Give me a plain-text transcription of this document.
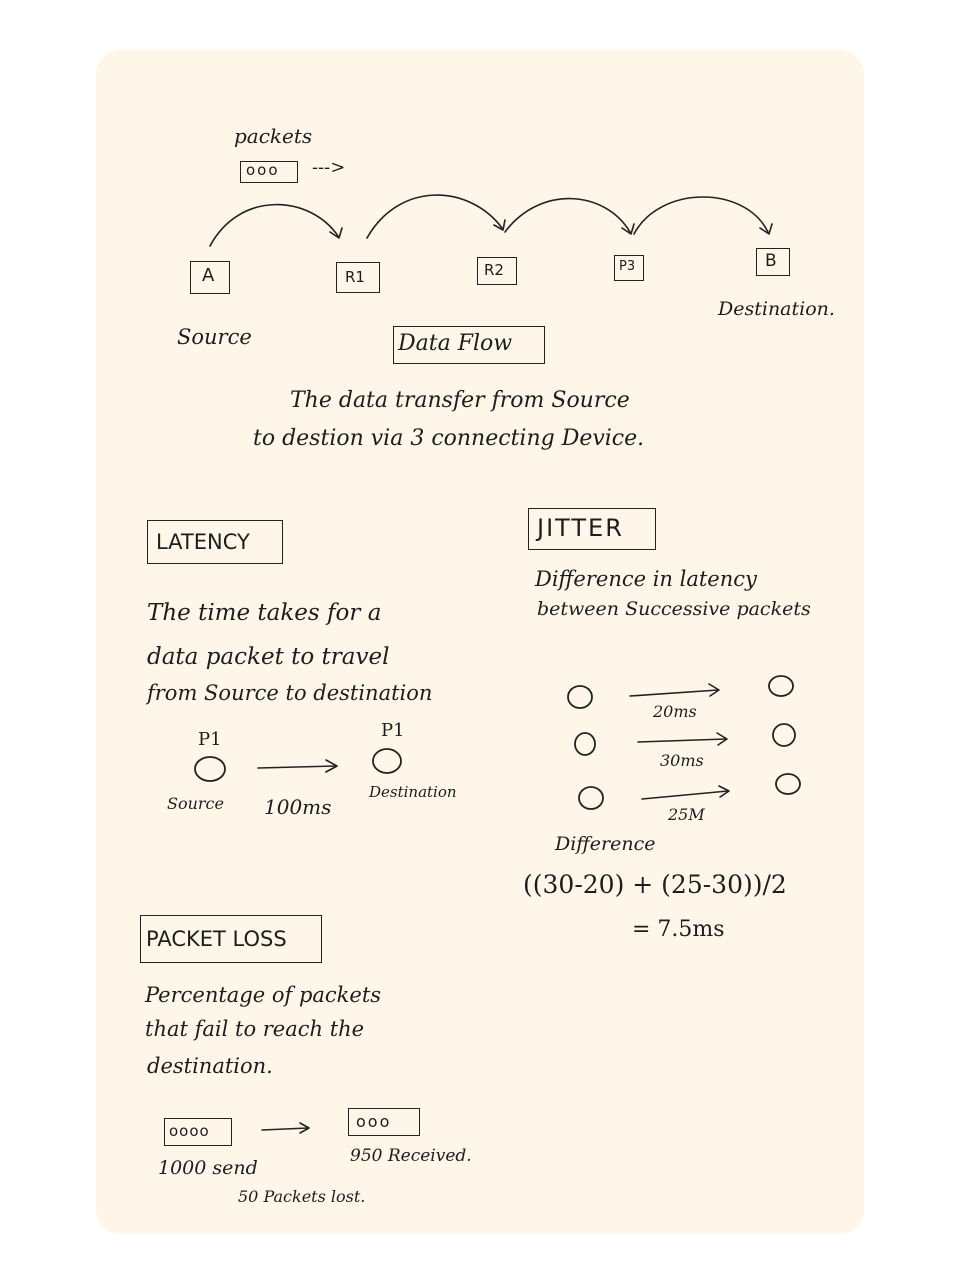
packets
ooo --->
A	R1	R2	P3	B
Source
Destination.
Data Flow
The data transfer from Source
to destion via 3 connecting Device.
LATENCY
The time takes for a
data packet to travel
from Source to destination
P1	P1
Source 100ms
Destination
JITTER
Difference in latency
between Successive packets
20ms
30ms
25M
Difference
((30-20) + (25-30))/2
= 7.5ms
PACKET LOSS
Percentage of packets
that fail to reach the
destination.
oooo	ooo
1000 send
950 Received.
50 Packets lost.
